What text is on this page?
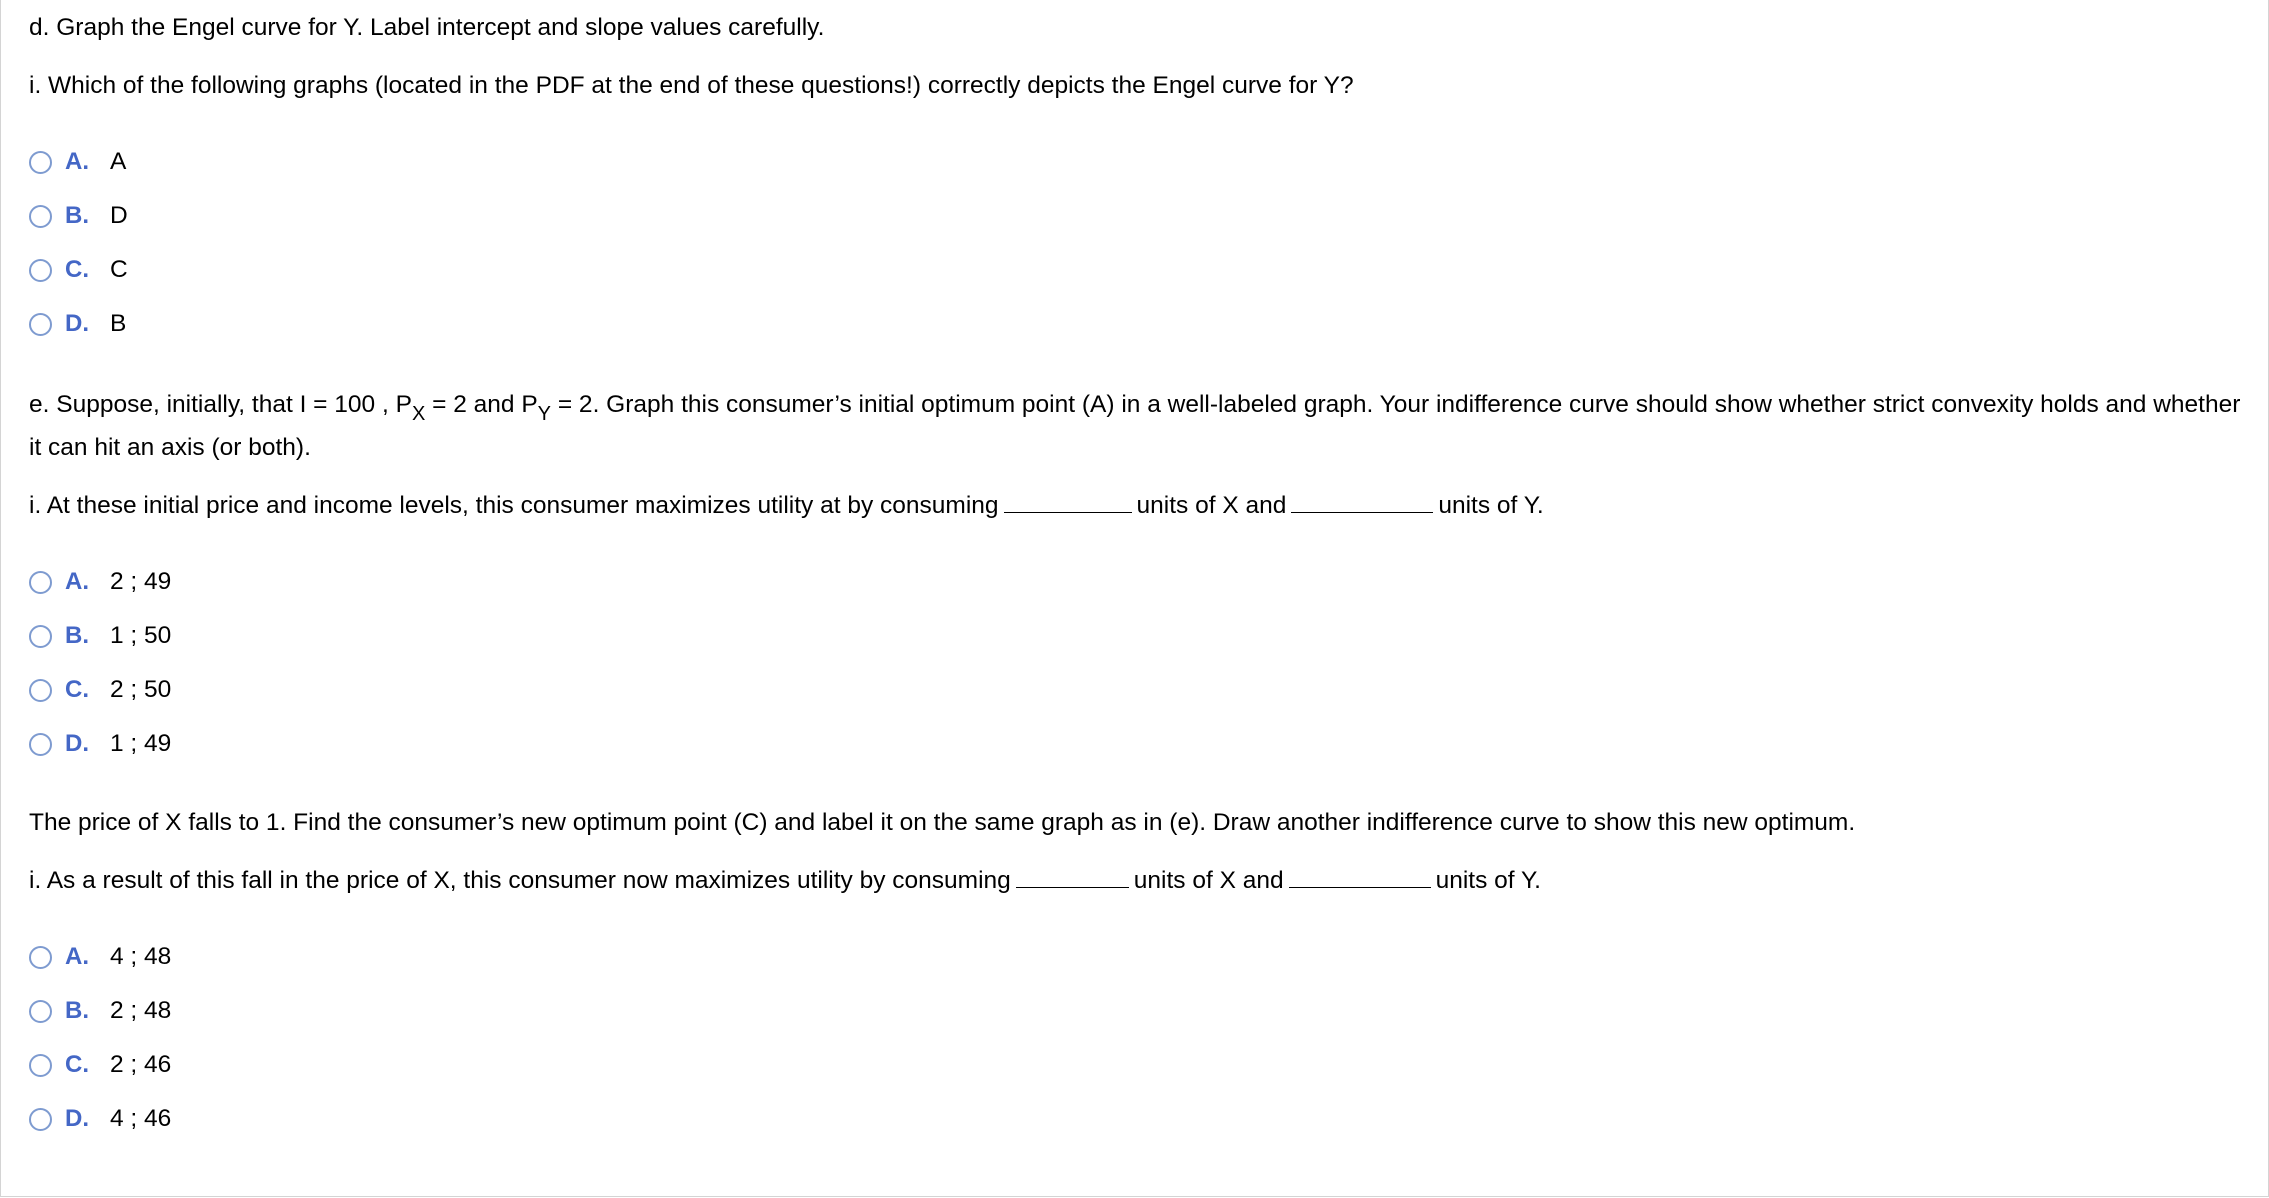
d. Graph the Engel curve for Y. Label intercept and slope values carefully.

i. Which of the following graphs (located in the PDF at the end of these questions!) correctly depicts the Engel curve for Y?

A. A
B. D
C. C
D. B

e. Suppose, initially, that I = 100 , $P_X = 2$ and $P_Y = 2$. Graph this consumer’s initial optimum point (A) in a well-labeled graph. Your indifference curve should show whether strict convexity holds and whether it can hit an axis (or both).

i. At these initial price and income levels, this consumer maximizes utility at by consuming	units of X and	units of Y.

A. 2 ; 49
B. 1 ; 50
C. 2 ; 50
D. 1 ; 49

The price of X falls to 1. Find the consumer’s new optimum point (C) and label it on the same graph as in (e). Draw another indifference curve to show this new optimum.

i. As a result of this fall in the price of X, this consumer now maximizes utility by consuming	units of X and	units of Y.

A. 4 ; 48
B. 2 ; 48
C. 2 ; 46
D. 4 ; 46
